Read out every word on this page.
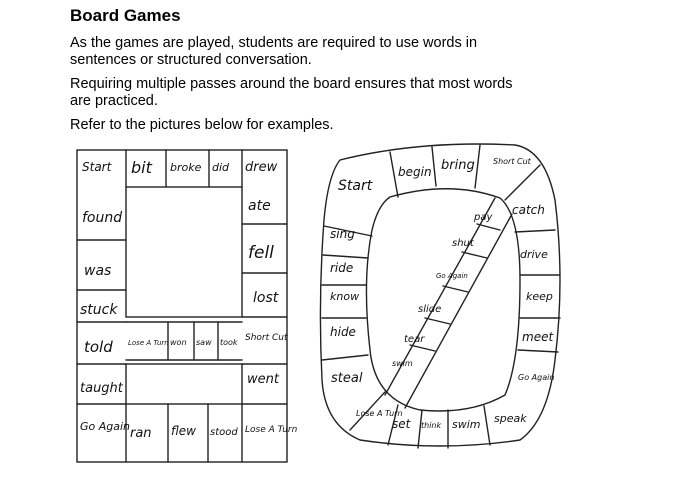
Board Games
As the games are played, students are required to use words in sentences or structured conversation.
Requiring multiple passes around the board ensures that most words are practiced.
Refer to the pictures below for examples.
Start bit broke did drew
found
was
stuck
told
taught
Go Again
ate
fell
lost
Short Cut
went
Lose A Turn
Lose A Turn won saw took
ran flew stood
Start
begin bring Short Cut
catch
drive
keep
meet
Go Again
sing
ride
know
hide
steal
Lose A Turn
set think swim speak
pay
shut
Go Again
slide
tear
swim
